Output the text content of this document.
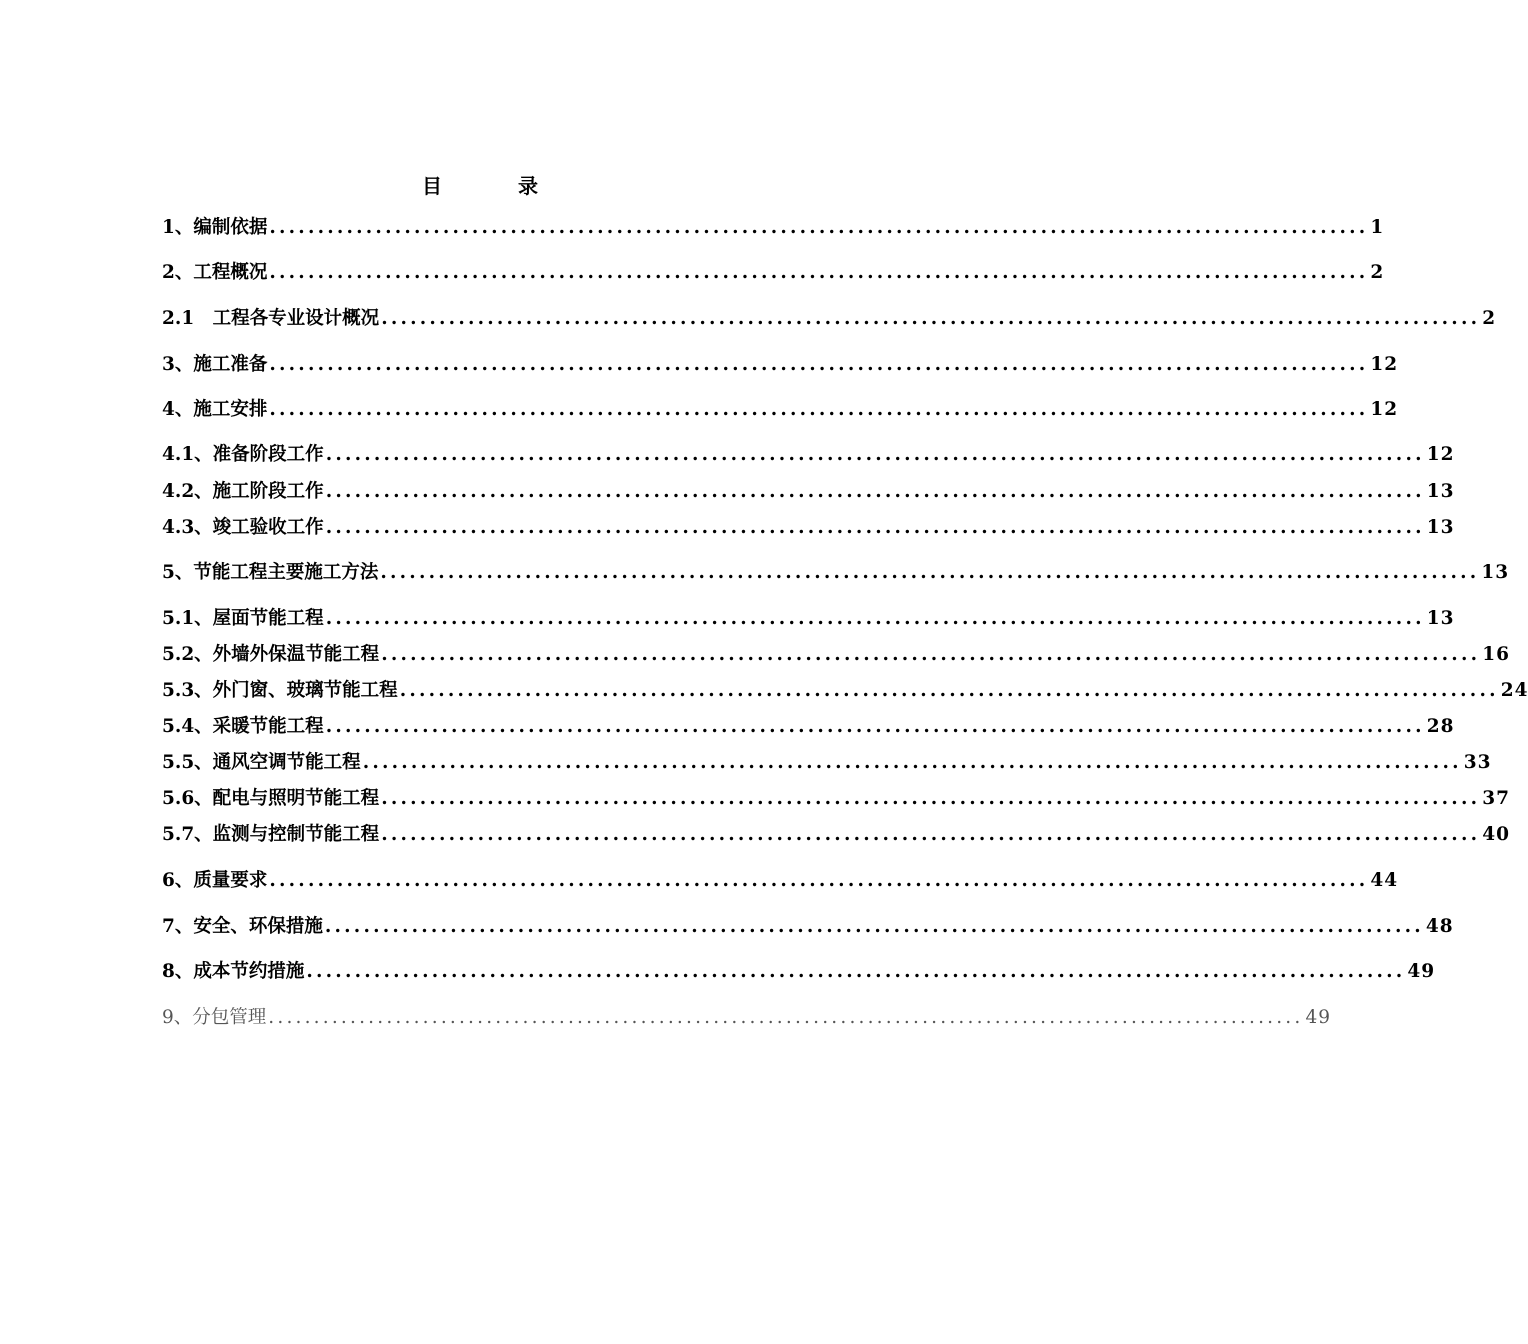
目	录
1、编制依据 .................................................................................................................. 1
2、工程概况 .................................................................................................................. 2
2.1　工程各专业设计概况 .................................................................................................................. 2
3、施工准备 .................................................................................................................. 12
4、施工安排 .................................................................................................................. 12
4.1、准备阶段工作 .................................................................................................................. 12
4.2、施工阶段工作 .................................................................................................................. 13
4.3、竣工验收工作 .................................................................................................................. 13
5、节能工程主要施工方法 .................................................................................................................. 13
5.1、屋面节能工程 .................................................................................................................. 13
5.2、外墙外保温节能工程 .................................................................................................................. 16
5.3、外门窗、玻璃节能工程 .................................................................................................................. 24
5.4、采暖节能工程 .................................................................................................................. 28
5.5、通风空调节能工程 .................................................................................................................. 33
5.6、配电与照明节能工程 .................................................................................................................. 37
5.7、监测与控制节能工程 .................................................................................................................. 40
6、质量要求 .................................................................................................................. 44
7、安全、环保措施 .................................................................................................................. 48
8、成本节约措施 .................................................................................................................. 49
9、分包管理 .................................................................................................................. 49
